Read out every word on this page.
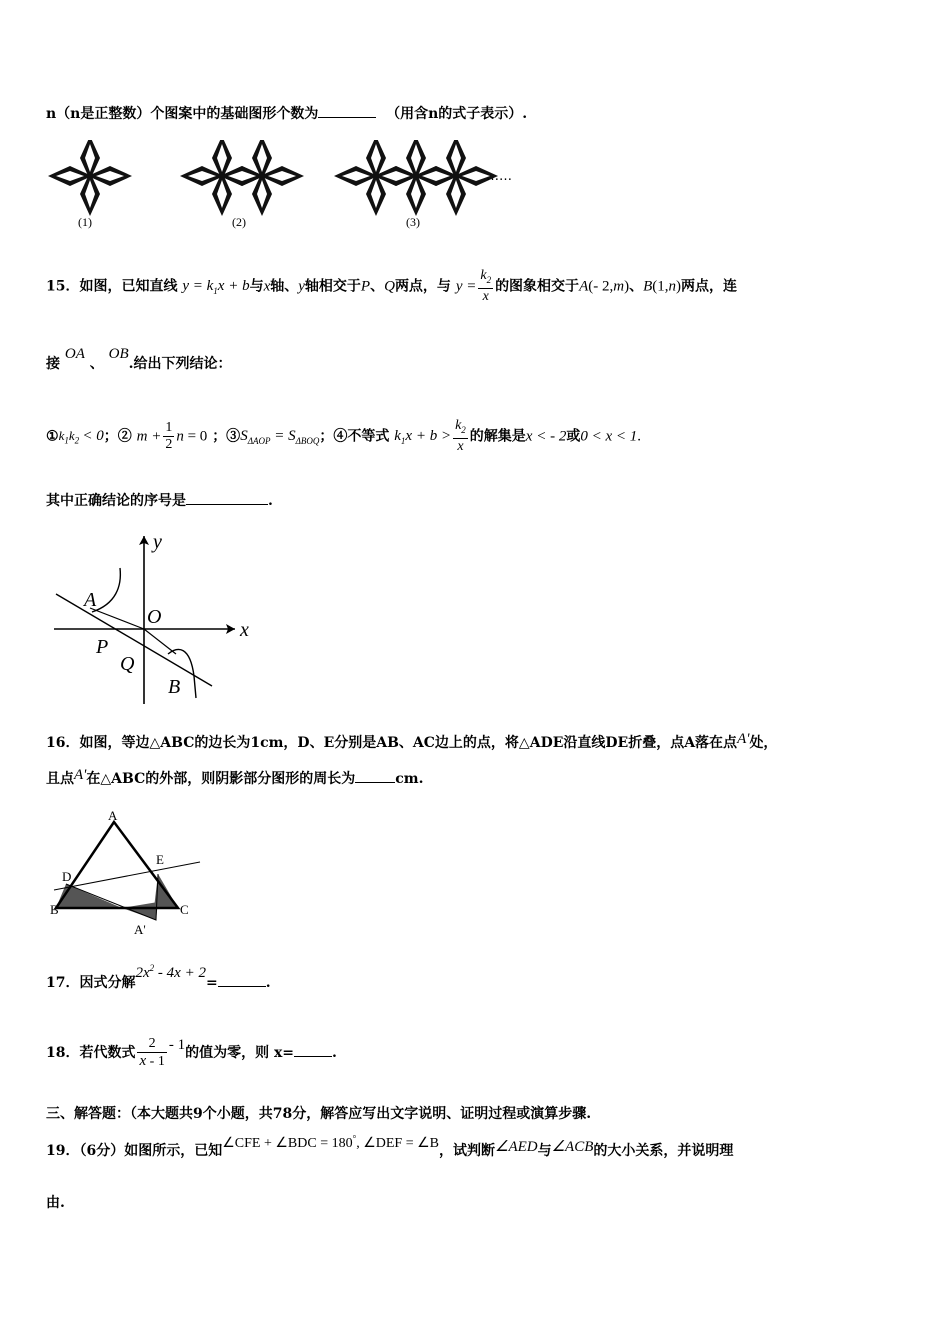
n（n是正整数）个图案中的基础图形个数为	（用含n的式子表示）.
……
(1)	(2)	(3)
15．如图，已知直线 $y = k_1x + b$与x轴、y轴相交于P、Q两点，与 $y = \frac{k_2}{x}$ 的图象相交于A(- 2,m)、B(1,n)两点，连
接 OA 、 OB.给出下列结论：
$①k_1k_2 < 0$；② $m + \frac{1}{2}$ n = 0 ；$③S_{\Delta AOP} = S_{\Delta BOQ}$；④不等式 $k_1x + b > \frac{k_2}{x}$ 的解集是x < - 2或0 < x < 1.
其中正确结论的序号是	.
y
x
A
O
P
Q
B
16．如图，等边△ABC的边长为1cm，D、E分别是AB、AC边上的点，将△ADE沿直线DE折叠，点A落在点A'处，
且点A'在△ABC的外部，则阴影部分图形的周长为	cm.
A
D
E
B	C
A'
17．因式分解$2x^2 - 4x + 2=$	.
18．若代数式 $\frac{2}{x - 1} - 1$的值为零，则 x=	.
三、解答题：（本大题共9个小题，共78分，解答应写出文字说明、证明过程或演算步骤.
19．（6分）如图所示，已知∠CFE + ∠BDC = 180°, ∠DEF = ∠B，试判断∠AED与∠ACB的大小关系，并说明理
由.
